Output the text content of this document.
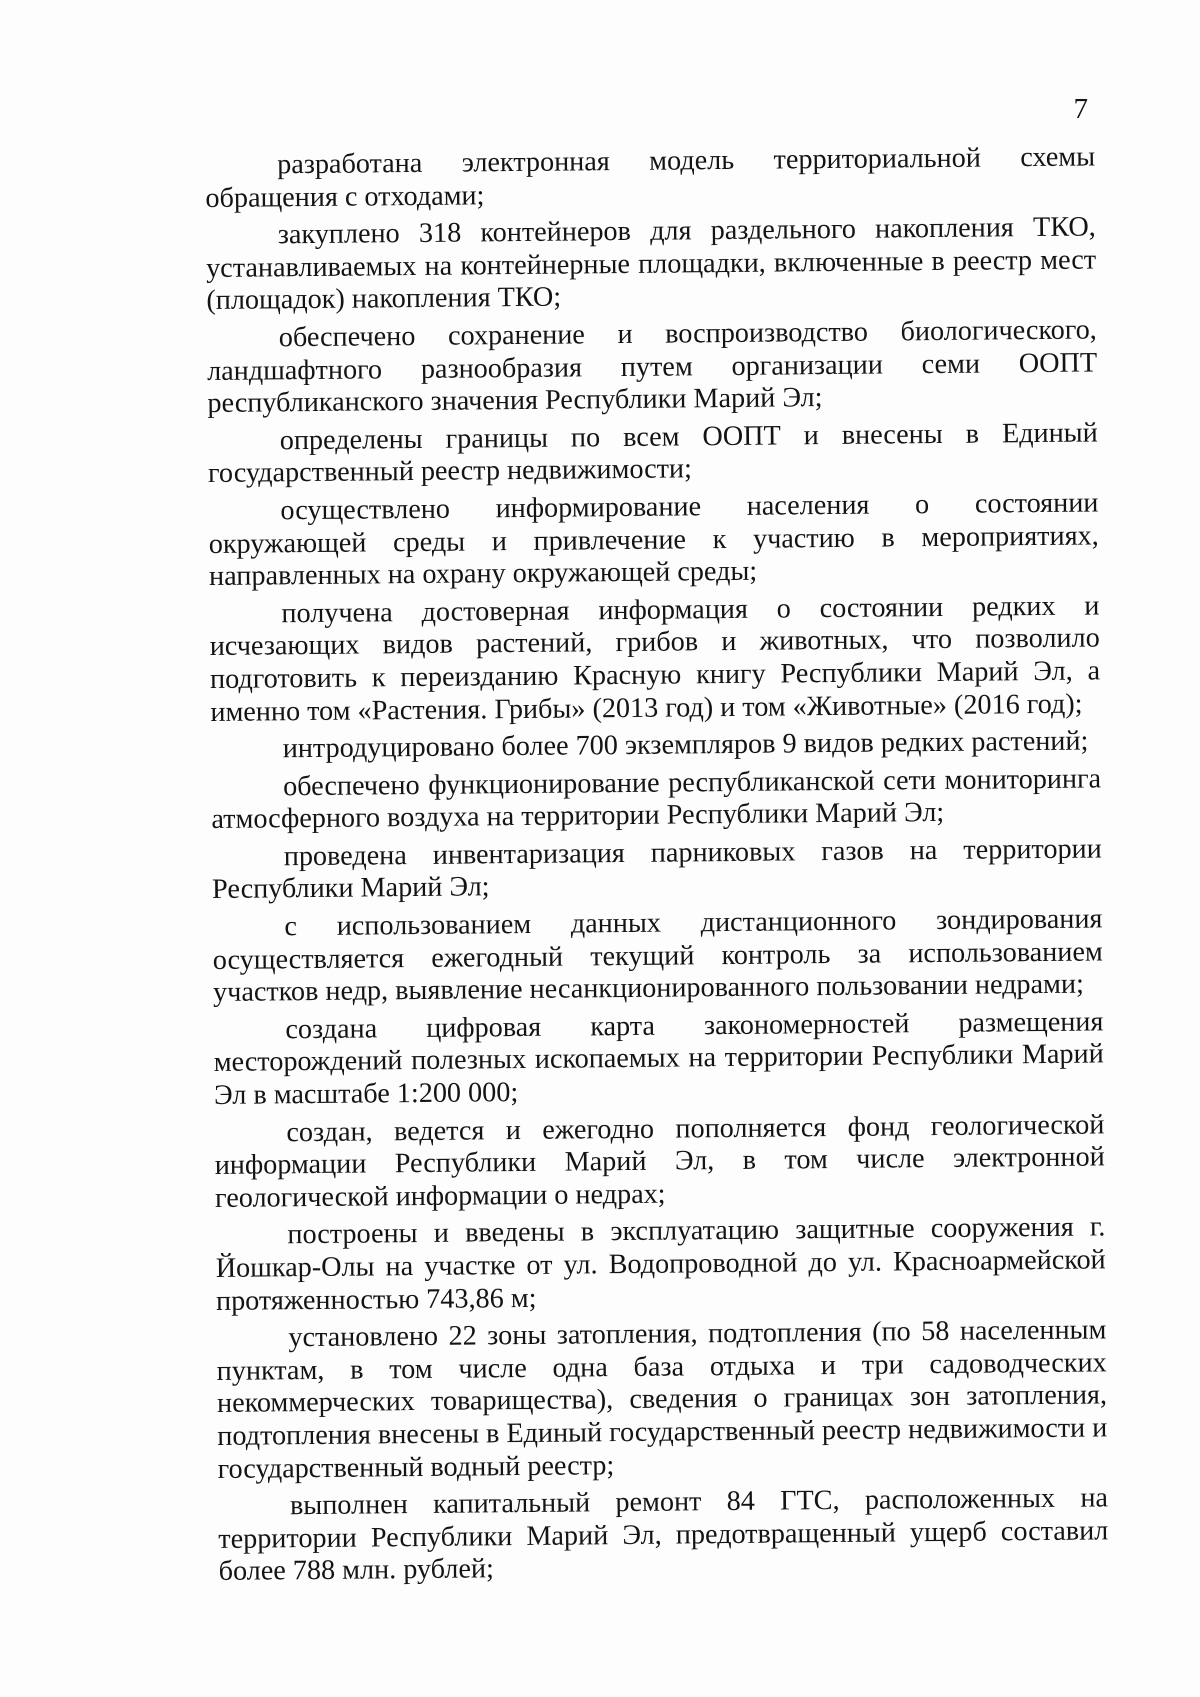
7

разработана электронная модель территориальной схемы обращения с отходами;

закуплено 318 контейнеров для раздельного накопления ТКО, устанавливаемых на контейнерные площадки, включенные в реестр мест (площадок) накопления ТКО;

обеспечено сохранение и воспроизводство биологического, ландшафтного разнообразия путем организации семи ООПТ республиканского значения Республики Марий Эл;

определены границы по всем ООПТ и внесены в Единый государственный реестр недвижимости;

осуществлено информирование населения о состоянии окружающей среды и привлечение к участию в мероприятиях, направленных на охрану окружающей среды;

получена достоверная информация о состоянии редких и исчезающих видов растений, грибов и животных, что позволило подготовить к переизданию Красную книгу Республики Марий Эл, а именно том «Растения. Грибы» (2013 год) и том «Животные» (2016 год);

интродуцировано более 700 экземпляров 9 видов редких растений;

обеспечено функционирование республиканской сети мониторинга атмосферного воздуха на территории Республики Марий Эл;

проведена инвентаризация парниковых газов на территории Республики Марий Эл;

с использованием данных дистанционного зондирования осуществляется ежегодный текущий контроль за использованием участков недр, выявление несанкционированного пользовании недрами;

создана цифровая карта закономерностей размещения месторождений полезных ископаемых на территории Республики Марий Эл в масштабе 1:200 000;

создан, ведется и ежегодно пополняется фонд геологической информации Республики Марий Эл, в том числе электронной геологической информации о недрах;

построены и введены в эксплуатацию защитные сооружения г. Йошкар-Олы на участке от ул. Водопроводной до ул. Красноармейской протяженностью 743,86 м;

установлено 22 зоны затопления, подтопления (по 58 населенным пунктам, в том числе одна база отдыха и три садоводческих некоммерческих товарищества), сведения о границах зон затопления, подтопления внесены в Единый государственный реестр недвижимости и государственный водный реестр;

выполнен капитальный ремонт 84 ГТС, расположенных на территории Республики Марий Эл, предотвращенный ущерб составил более 788 млн. рублей;
